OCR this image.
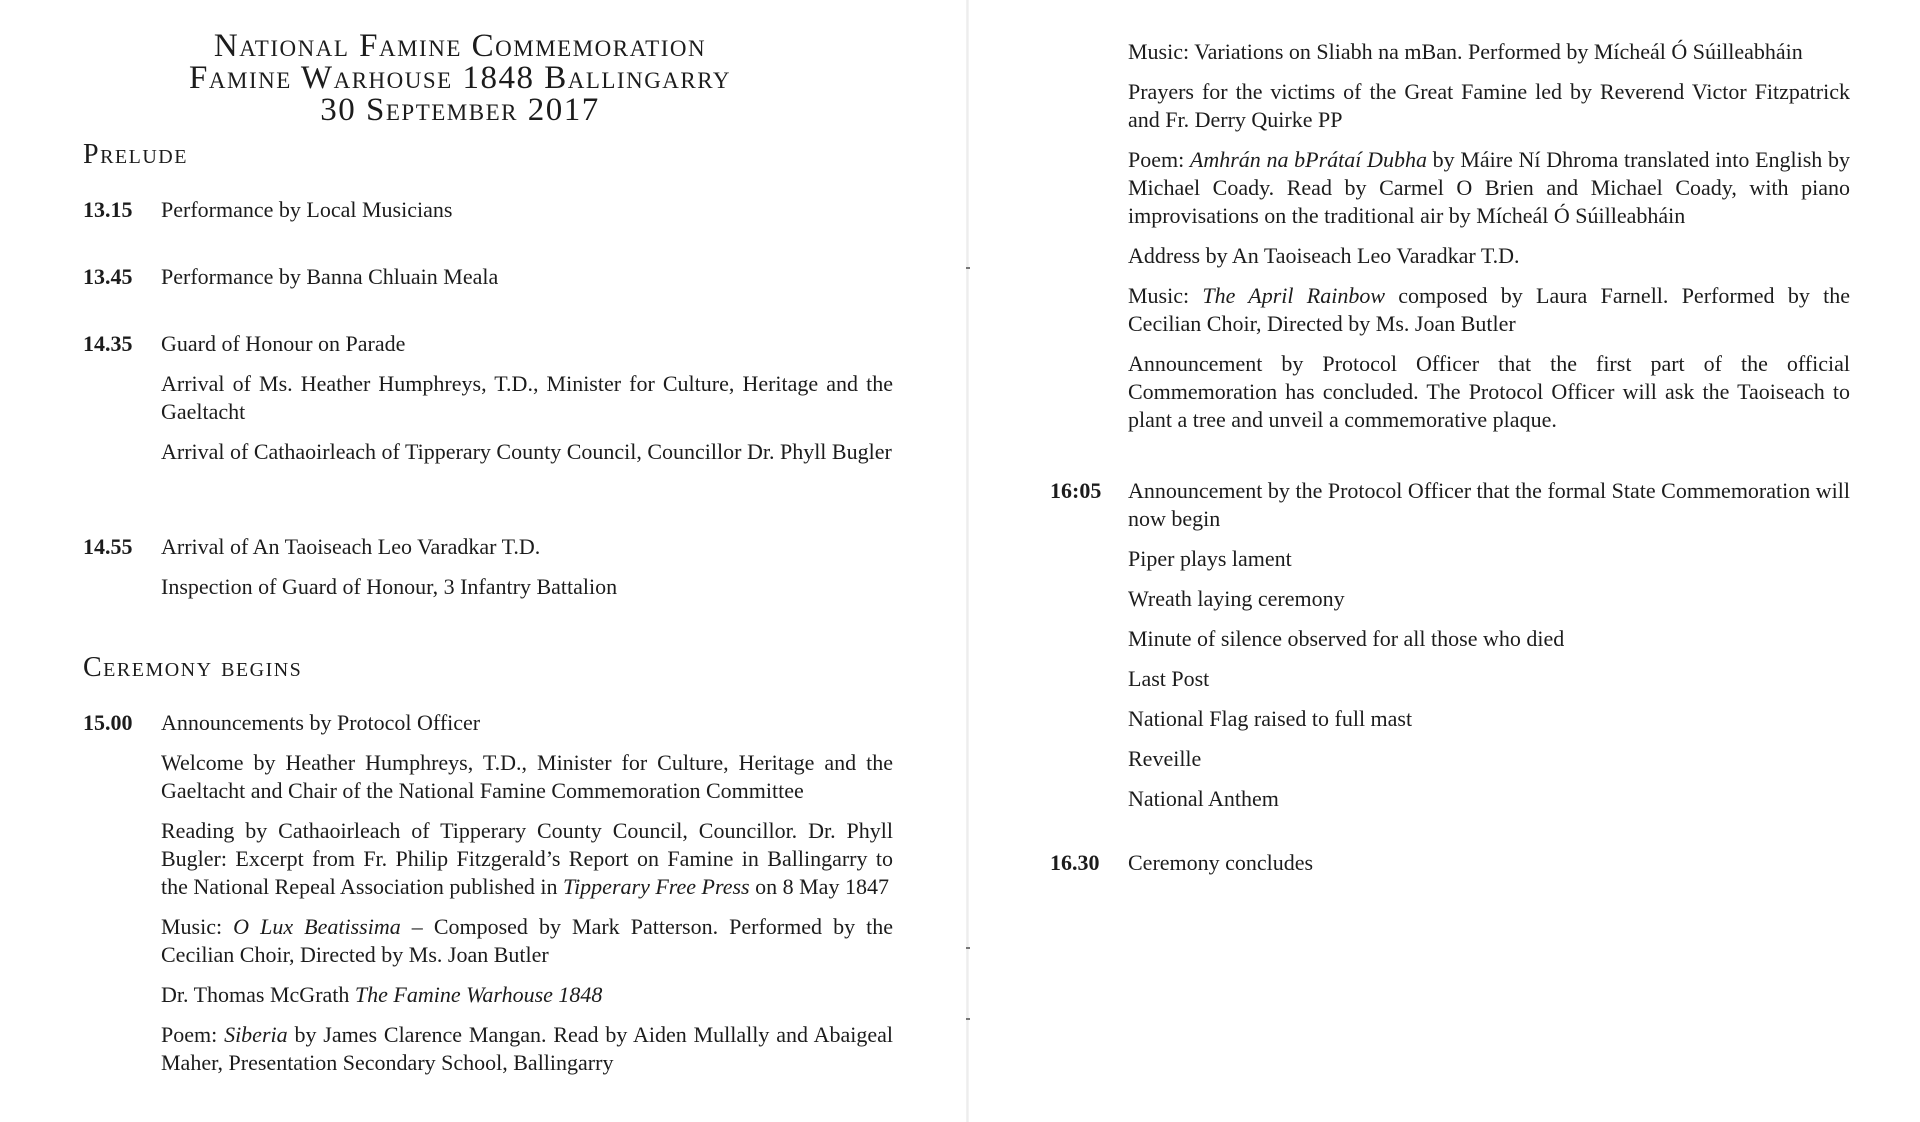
National Famine Commemoration
Famine Warhouse 1848 Ballingarry
30 September 2017
Prelude
13.15 Performance by Local Musicians
13.45 Performance by Banna Chluain Meala
14.35 Guard of Honour on Parade
Arrival of Ms. Heather Humphreys, T.D., Minister for Culture, Heritage and the Gaeltacht
Arrival of Cathaoirleach of Tipperary County Council, Councillor Dr. Phyll Bugler
14.55 Arrival of An Taoiseach Leo Varadkar T.D.
Inspection of Guard of Honour, 3 Infantry Battalion
Ceremony begins
15.00 Announcements by Protocol Officer
Welcome by Heather Humphreys, T.D., Minister for Culture, Heritage and the Gaeltacht and Chair of the National Famine Commemoration Committee
Reading by Cathaoirleach of Tipperary County Council, Councillor. Dr. Phyll Bugler: Excerpt from Fr. Philip Fitzgerald’s Report on Famine in Ballingarry to the National Repeal Association published in Tipperary Free Press on 8 May 1847
Music: O Lux Beatissima – Composed by Mark Patterson. Performed by the Cecilian Choir, Directed by Ms. Joan Butler
Dr. Thomas McGrath The Famine Warhouse 1848
Poem: Siberia by James Clarence Mangan. Read by Aiden Mullally and Abaigeal Maher, Presentation Secondary School, Ballingarry
Music: Variations on Sliabh na mBan. Performed by Mícheál Ó Súilleabháin
Prayers for the victims of the Great Famine led by Reverend Victor Fitzpatrick and Fr. Derry Quirke PP
Poem: Amhrán na bPrátaí Dubha by Máire Ní Dhroma translated into English by Michael Coady. Read by Carmel O Brien and Michael Coady, with piano improvisations on the traditional air by Mícheál Ó Súilleabháin
Address by An Taoiseach Leo Varadkar T.D.
Music: The April Rainbow composed by Laura Farnell. Performed by the Cecilian Choir, Directed by Ms. Joan Butler
Announcement by Protocol Officer that the first part of the official Commemoration has concluded. The Protocol Officer will ask the Taoiseach to plant a tree and unveil a commemorative plaque.
16:05 Announcement by the Protocol Officer that the formal State Commemoration will now begin
Piper plays lament
Wreath laying ceremony
Minute of silence observed for all those who died
Last Post
National Flag raised to full mast
Reveille
National Anthem
16.30 Ceremony concludes
